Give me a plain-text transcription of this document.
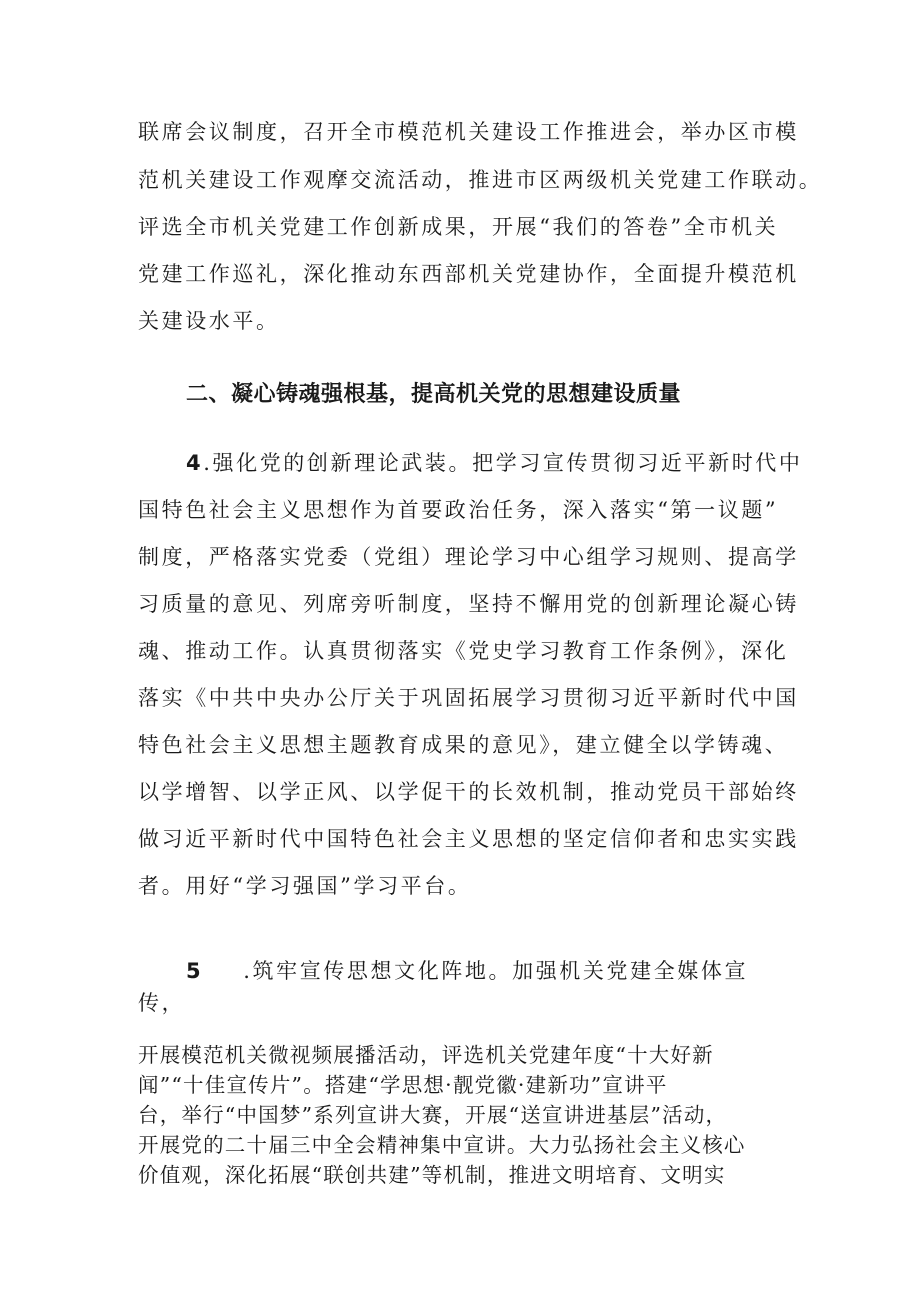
联席会议制度，召开全市模范机关建设工作推进会，举办区市模
范机关建设工作观摩交流活动，推进市区两级机关党建工作联动。
评选全市机关党建工作创新成果，开展“我们的答卷”全市机关
党建工作巡礼，深化推动东西部机关党建协作，全面提升模范机
关建设水平。
二、凝心铸魂强根基，提高机关党的思想建设质量
4.强化党的创新理论武装。把学习宣传贯彻习近平新时代中
国特色社会主义思想作为首要政治任务，深入落实“第一议题”
制度，严格落实党委（党组）理论学习中心组学习规则、提高学
习质量的意见、列席旁听制度，坚持不懈用党的创新理论凝心铸
魂、推动工作。认真贯彻落实《党史学习教育工作条例》，深化
落实《中共中央办公厅关于巩固拓展学习贯彻习近平新时代中国
特色社会主义思想主题教育成果的意见》，建立健全以学铸魂、
以学增智、以学正风、以学促干的长效机制，推动党员干部始终
做习近平新时代中国特色社会主义思想的坚定信仰者和忠实实践
者。用好“学习强国”学习平台。
5 .筑牢宣传思想文化阵地。加强机关党建全媒体宣
传，
开展模范机关微视频展播活动，评选机关党建年度“十大好新
闻”“十佳宣传片”。搭建“学思想·靓党徽·建新功”宣讲平
台，举行“中国梦”系列宣讲大赛，开展“送宣讲进基层”活动，
开展党的二十届三中全会精神集中宣讲。大力弘扬社会主义核心
价值观，深化拓展“联创共建”等机制，推进文明培育、文明实
